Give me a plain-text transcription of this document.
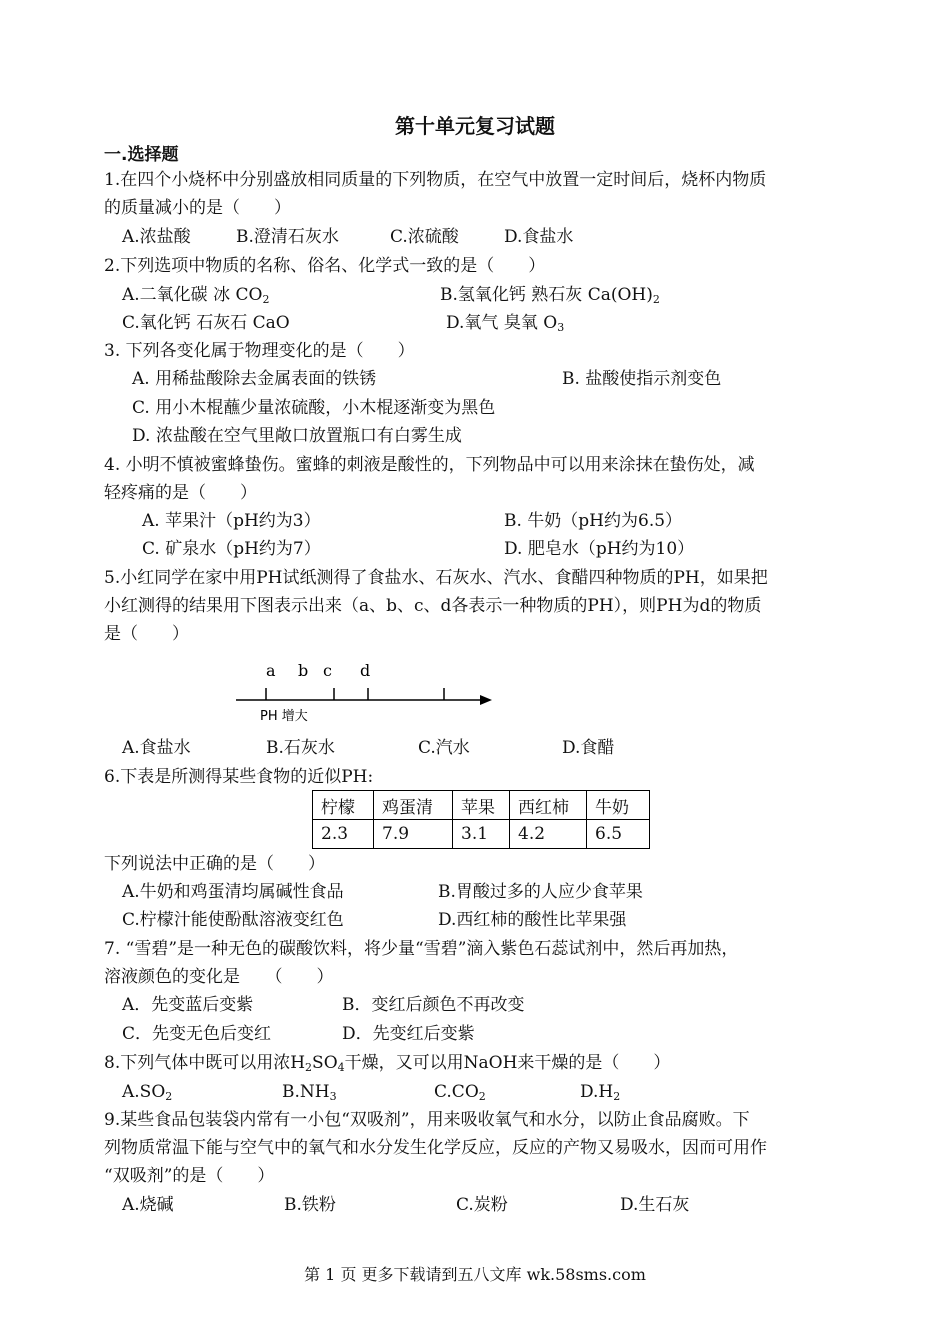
第十单元复习试题
一.选择题
1.在四个小烧杯中分别盛放相同质量的下列物质，在空气中放置一定时间后，烧杯内物质
的质量减小的是（　　）
A.浓盐酸	B.澄清石灰水	C.浓硫酸	D.食盐水
2.下列选项中物质的名称、俗名、化学式一致的是（　　）
A.二氧化碳 冰 $CO_2$	B.氢氧化钙 熟石灰 $Ca(OH)_2$
C.氧化钙 石灰石 CaO	D.氧气 臭氧 $O_3$
3. 下列各变化属于物理变化的是（　　）
A. 用稀盐酸除去金属表面的铁锈	B. 盐酸使指示剂变色
C. 用小木棍蘸少量浓硫酸，小木棍逐渐变为黑色
D. 浓盐酸在空气里敞口放置瓶口有白雾生成
4. 小明不慎被蜜蜂蛰伤。蜜蜂的刺液是酸性的，下列物品中可以用来涂抹在蛰伤处，减
轻疼痛的是（　　）
A. 苹果汁（pH约为3）	B. 牛奶（pH约为6.5）
C. 矿泉水（pH约为7）	D. 肥皂水（pH约为10）
5.小红同学在家中用PH试纸测得了食盐水、石灰水、汽水、食醋四种物质的PH，如果把
小红测得的结果用下图表示出来（a、b、c、d各表示一种物质的PH），则PH为d的物质
是（　　）
a b c d
PH 增大
A.食盐水	B.石灰水	C.汽水	D.食醋
6.下表是所测得某些食物的近似PH:
柠檬	鸡蛋清	苹果	西红柿	牛奶
2.3	7.9	3.1	4.2	6.5
下列说法中正确的是（　　）
A.牛奶和鸡蛋清均属碱性食品	B.胃酸过多的人应少食苹果
C.柠檬汁能使酚酞溶液变红色	D.西红柿的酸性比苹果强
7. “雪碧”是一种无色的碳酸饮料，将少量“雪碧”滴入紫色石蕊试剂中，然后再加热，
溶液颜色的变化是　　（　　）
A．先变蓝后变紫	B．变红后颜色不再改变
C．先变无色后变红	D．先变红后变紫
8.下列气体中既可以用浓$H_2SO_4$干燥，又可以用NaOH来干燥的是（　　）
$A.SO_2$	$B.NH_3$	$C.CO_2$	$D.H_2$
9.某些食品包装袋内常有一小包“双吸剂”，用来吸收氧气和水分，以防止食品腐败。下
列物质常温下能与空气中的氧气和水分发生化学反应，反应的产物又易吸水，因而可用作
“双吸剂”的是（　　）
A.烧碱	B.铁粉	C.炭粉	D.生石灰
第 1 页 更多下载请到五八文库 wk.58sms.com
